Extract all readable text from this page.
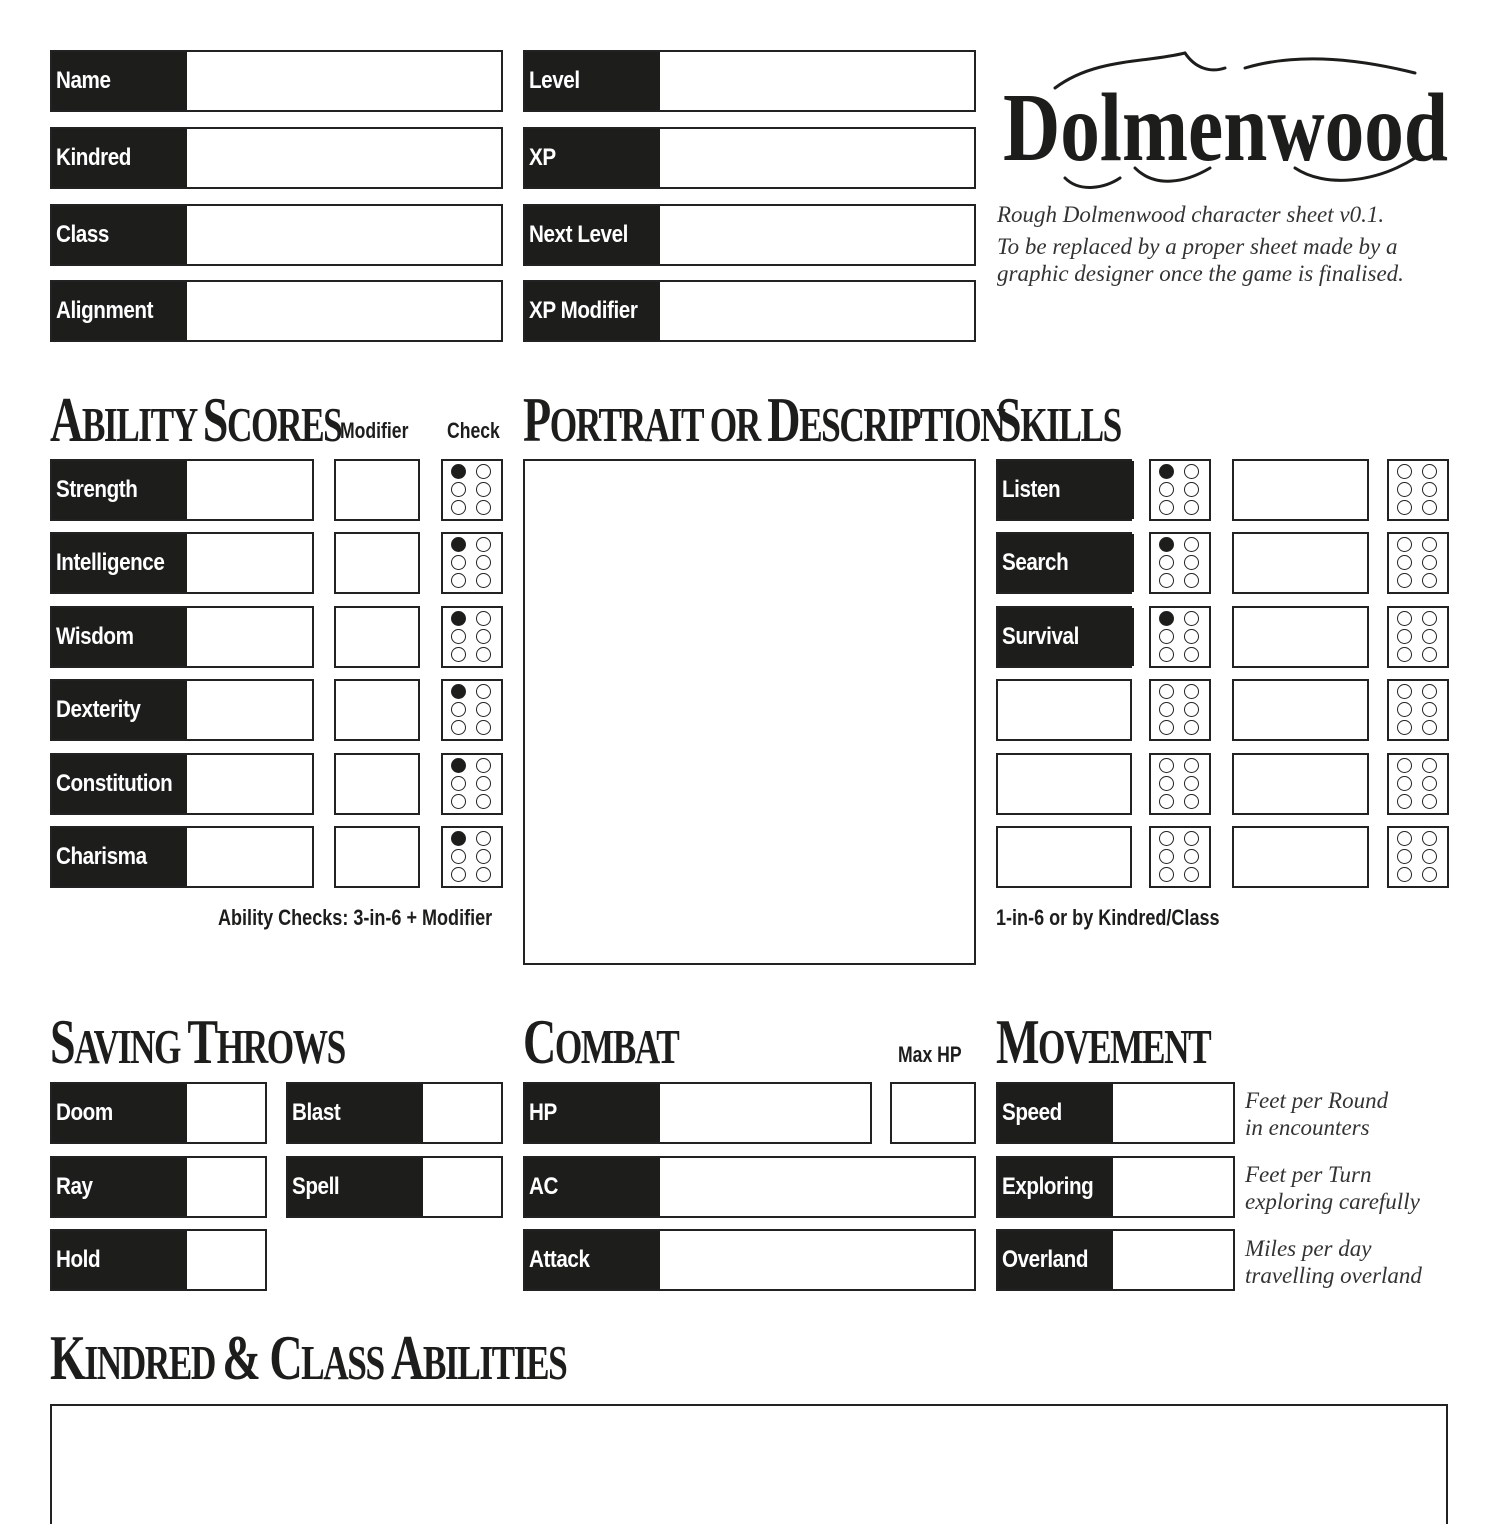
Name
Kindred
Class
Alignment
Level
XP
Next Level
XP Modifier
Dolmenwood
Rough Dolmenwood character sheet v0.1.
To be replaced by a proper sheet made by a
graphic designer once the game is finalised.
ABILITY SCORES
Modifier Check PORTRAIT OR DESCRIPTION
SKILLS
Strength
Intelligence
Wisdom
Dexterity
Constitution
Charisma
Ability Checks: 3-in-6 + Modifier
Listen
Search
Survival
1-in-6 or by Kindred/Class
SAVING THROWS
Doom
Ray
Hold
Blast
Spell
COMBAT	Max HP
HP
AC
Attack
MOVEMENT
Speed
Exploring
Overland
Feet per Round
in encounters
Feet per Turn
exploring carefully
Miles per day
travelling overland
KINDRED & CLASS ABILITIES
